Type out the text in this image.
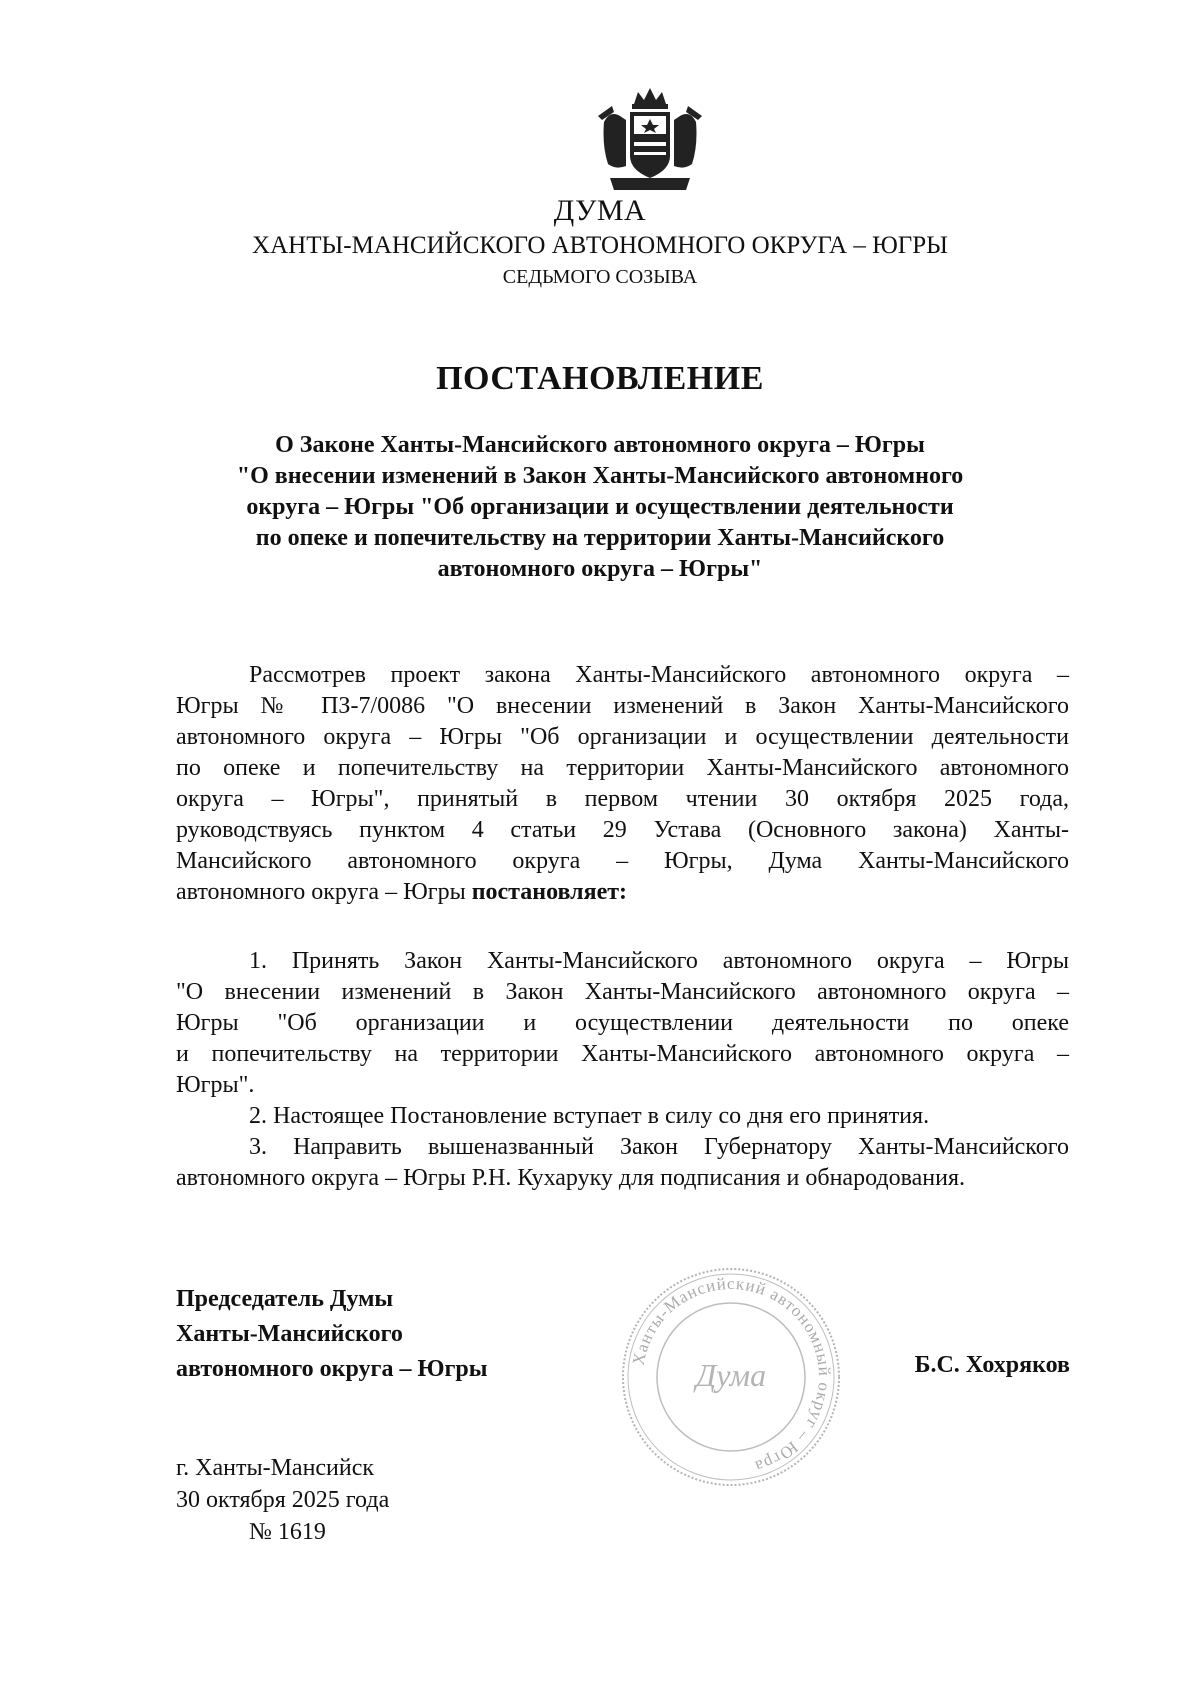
ДУМА
ХАНТЫ-МАНСИЙСКОГО АВТОНОМНОГО ОКРУГА – ЮГРЫ
СЕДЬМОГО СОЗЫВА
ПОСТАНОВЛЕНИЕ
О Законе Ханты-Мансийского автономного округа – Югры
"О внесении изменений в Закон Ханты-Мансийского автономного
округа – Югры "Об организации и осуществлении деятельности
по опеке и попечительству на территории Ханты-Мансийского
автономного округа – Югры"
Рассмотрев проект закона Ханты-Мансийского автономного округа –
Югры № ПЗ-7/0086 "О внесении изменений в Закон Ханты-Мансийского
автономного округа – Югры "Об организации и осуществлении деятельности
по опеке и попечительству на территории Ханты-Мансийского автономного
округа – Югры", принятый в первом чтении 30 октября 2025 года,
руководствуясь пунктом 4 статьи 29 Устава (Основного закона) Ханты-
Мансийского автономного округа – Югры, Дума Ханты-Мансийского
автономного округа – Югры постановляет:
1. Принять Закон Ханты-Мансийского автономного округа – Югры
"О внесении изменений в Закон Ханты-Мансийского автономного округа –
Югры "Об организации и осуществлении деятельности по опеке
и попечительству на территории Ханты-Мансийского автономного округа –
Югры".
2. Настоящее Постановление вступает в силу со дня его принятия.
3. Направить вышеназванный Закон Губернатору Ханты-Мансийского
автономного округа – Югры Р.Н. Кухаруку для подписания и обнародования.
Председатель Думы
Ханты-Мансийского
автономного округа – Югры	Ханты-Мансийский автономный округ – Югра
Дума	Б.С. Хохряков
г. Ханты-Мансийск
30 октября 2025 года
№ 1619
